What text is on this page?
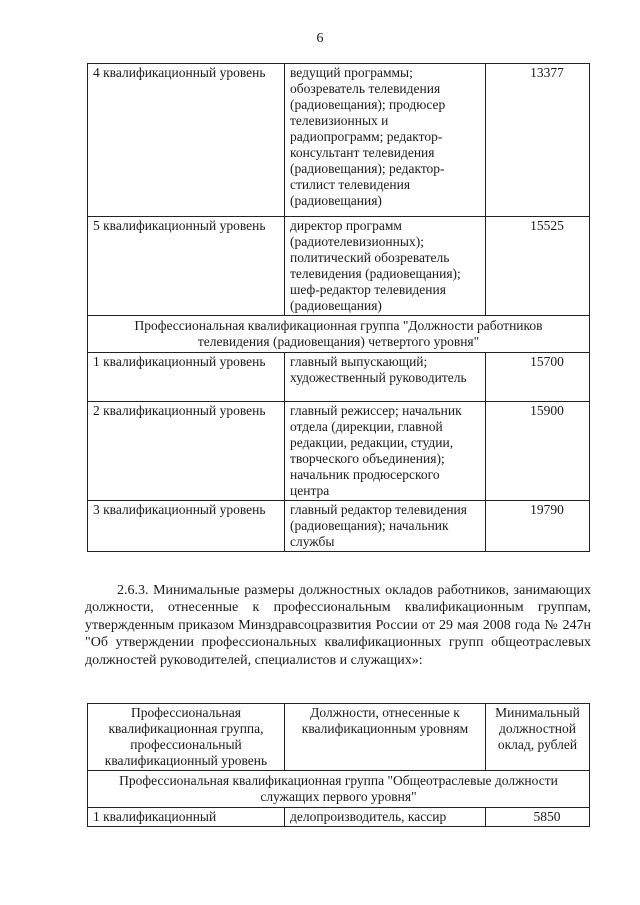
6
4 квалификационный уровень	ведущий программы; обозреватель телевидения (радиовещания); продюсер телевизионных и радиопрограмм; редактор-консультант телевидения (радиовещания); редактор-стилист телевидения (радиовещания)	13377
5 квалификационный уровень	директор программ (радиотелевизионных); политический обозреватель телевидения (радиовещания); шеф-редактор телевидения (радиовещания)	15525
Профессиональная квалификационная группа "Должности работников телевидения (радиовещания) четвертого уровня"		
1 квалификационный уровень	главный выпускающий; художественный руководитель	15700
2 квалификационный уровень	главный режиссер; начальник отдела (дирекции, главной редакции, редакции, студии, творческого объединения); начальник продюсерского центра	15900
3 квалификационный уровень	главный редактор телевидения (радиовещания); начальник службы	19790

2.6.3. Минимальные размеры должностных окладов работников, занимающих должности, отнесенные к профессиональным квалификационным группам, утвержденным приказом Минздравсоцразвития России от 29 мая 2008 года № 247н "Об утверждении профессиональных квалификационных групп общеотраслевых должностей руководителей, специалистов и служащих»:

Профессиональная квалификационная группа, профессиональный квалификационный уровень	Должности, отнесенные к квалификационным уровням	Минимальный должностной оклад, рублей
Профессиональная квалификационная группа "Общеотраслевые должности служащих первого уровня"		
1 квалификационный	делопроизводитель, кассир	5850
